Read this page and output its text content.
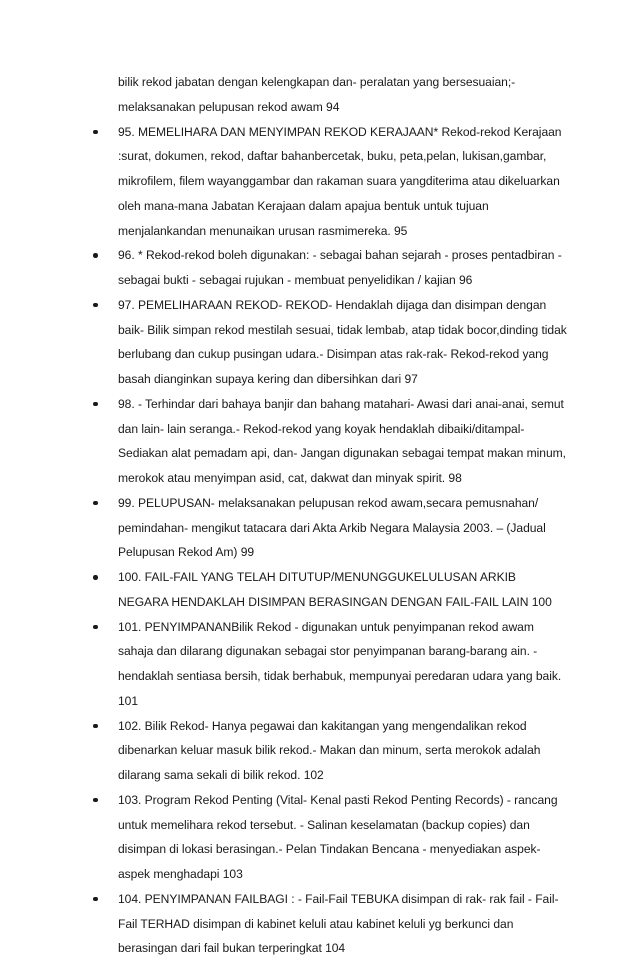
bilik rekod jabatan dengan kelengkapan dan- peralatan yang bersesuaian;-
melaksanakan pelupusan rekod awam 94
95. MEMELIHARA DAN MENYIMPAN REKOD KERAJAAN* Rekod-rekod Kerajaan
:surat, dokumen, rekod, daftar bahanbercetak, buku, peta,pelan, lukisan,gambar,
mikrofilem, filem wayanggambar dan rakaman suara yangditerima atau dikeluarkan
oleh mana-mana Jabatan Kerajaan dalam apajua bentuk untuk tujuan
menjalankandan menunaikan urusan rasmimereka. 95
96. * Rekod-rekod boleh digunakan: - sebagai bahan sejarah - proses pentadbiran -
sebagai bukti - sebagai rujukan - membuat penyelidikan / kajian 96
97. PEMELIHARAAN REKOD- REKOD- Hendaklah dijaga dan disimpan dengan
baik- Bilik simpan rekod mestilah sesuai, tidak lembab, atap tidak bocor,dinding tidak
berlubang dan cukup pusingan udara.- Disimpan atas rak-rak- Rekod-rekod yang
basah dianginkan supaya kering dan dibersihkan dari 97
98. - Terhindar dari bahaya banjir dan bahang matahari- Awasi dari anai-anai, semut
dan lain- lain seranga.- Rekod-rekod yang koyak hendaklah dibaiki/ditampal-
Sediakan alat pemadam api, dan- Jangan digunakan sebagai tempat makan minum,
merokok atau menyimpan asid, cat, dakwat dan minyak spirit. 98
99. PELUPUSAN- melaksanakan pelupusan rekod awam,secara pemusnahan/
pemindahan- mengikut tatacara dari Akta Arkib Negara Malaysia 2003. – (Jadual
Pelupusan Rekod Am) 99
100. FAIL-FAIL YANG TELAH DITUTUP/MENUNGGUKELULUSAN ARKIB
NEGARA HENDAKLAH DISIMPAN BERASINGAN DENGAN FAIL-FAIL LAIN 100
101. PENYIMPANANBilik Rekod - digunakan untuk penyimpanan rekod awam
sahaja dan dilarang digunakan sebagai stor penyimpanan barang-barang ain. -
hendaklah sentiasa bersih, tidak berhabuk, mempunyai peredaran udara yang baik.
101
102. Bilik Rekod- Hanya pegawai dan kakitangan yang mengendalikan rekod
dibenarkan keluar masuk bilik rekod.- Makan dan minum, serta merokok adalah
dilarang sama sekali di bilik rekod. 102
103. Program Rekod Penting (Vital- Kenal pasti Rekod Penting Records) - rancang
untuk memelihara rekod tersebut. - Salinan keselamatan (backup copies) dan
disimpan di lokasi berasingan.- Pelan Tindakan Bencana - menyediakan aspek-
aspek menghadapi 103
104. PENYIMPANAN FAILBAGI : - Fail-Fail TEBUKA disimpan di rak- rak fail - Fail-
Fail TERHAD disimpan di kabinet keluli atau kabinet keluli yg berkunci dan
berasingan dari fail bukan terperingkat 104
